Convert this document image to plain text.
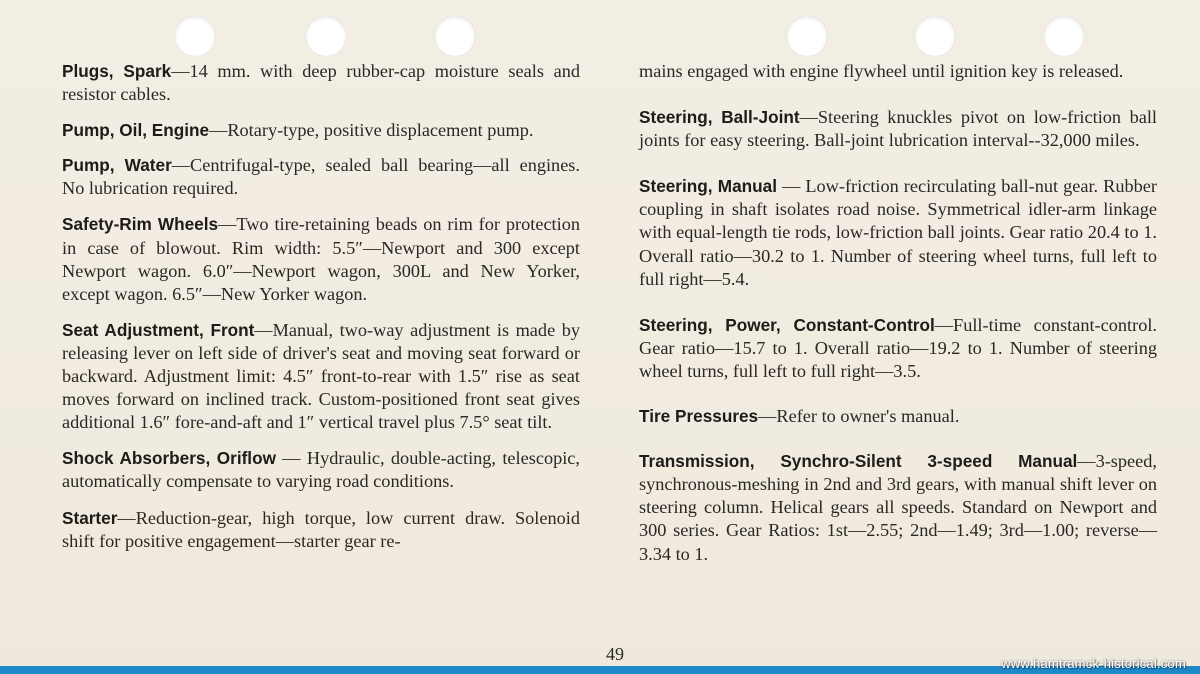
Plugs, Spark—14 mm. with deep rubber-cap moisture seals and resistor cables.

Pump, Oil, Engine—Rotary-type, positive displacement pump.

Pump, Water—Centrifugal-type, sealed ball bearing—all engines. No lubrication required.

Safety-Rim Wheels—Two tire-retaining beads on rim for protection in case of blowout. Rim width: 5.5″—Newport and 300 except Newport wagon. 6.0″—Newport wagon, 300L and New Yorker, except wagon. 6.5″—New Yorker wagon.

Seat Adjustment, Front—Manual, two-way adjustment is made by releasing lever on left side of driver's seat and moving seat forward or backward. Adjustment limit: 4.5″ front-to-rear with 1.5″ rise as seat moves forward on inclined track. Custom-positioned front seat gives additional 1.6″ fore-and-aft and 1″ vertical travel plus 7.5° seat tilt.

Shock Absorbers, Oriflow — Hydraulic, double-acting, telescopic, automatically compensate to varying road conditions.

Starter—Reduction-gear, high torque, low current draw. Solenoid shift for positive engagement—starter gear re-

mains engaged with engine flywheel until ignition key is released.

Steering, Ball-Joint—Steering knuckles pivot on low-friction ball joints for easy steering. Ball-joint lubrication interval--32,000 miles.

Steering, Manual — Low-friction recirculating ball-nut gear. Rubber coupling in shaft isolates road noise. Symmetrical idler-arm linkage with equal-length tie rods, low-friction ball joints. Gear ratio 20.4 to 1. Overall ratio—30.2 to 1. Number of steering wheel turns, full left to full right—5.4.

Steering, Power, Constant-Control—Full-time constant-control. Gear ratio—15.7 to 1. Overall ratio—19.2 to 1. Number of steering wheel turns, full left to full right—3.5.

Tire Pressures—Refer to owner's manual.

Transmission, Synchro-Silent 3-speed Manual—3-speed, synchronous-meshing in 2nd and 3rd gears, with manual shift lever on steering column. Helical gears all speeds. Standard on Newport and 300 series. Gear Ratios: 1st—2.55; 2nd—1.49; 3rd—1.00; reverse—3.34 to 1.

49	www.hamtramck-historical.com
